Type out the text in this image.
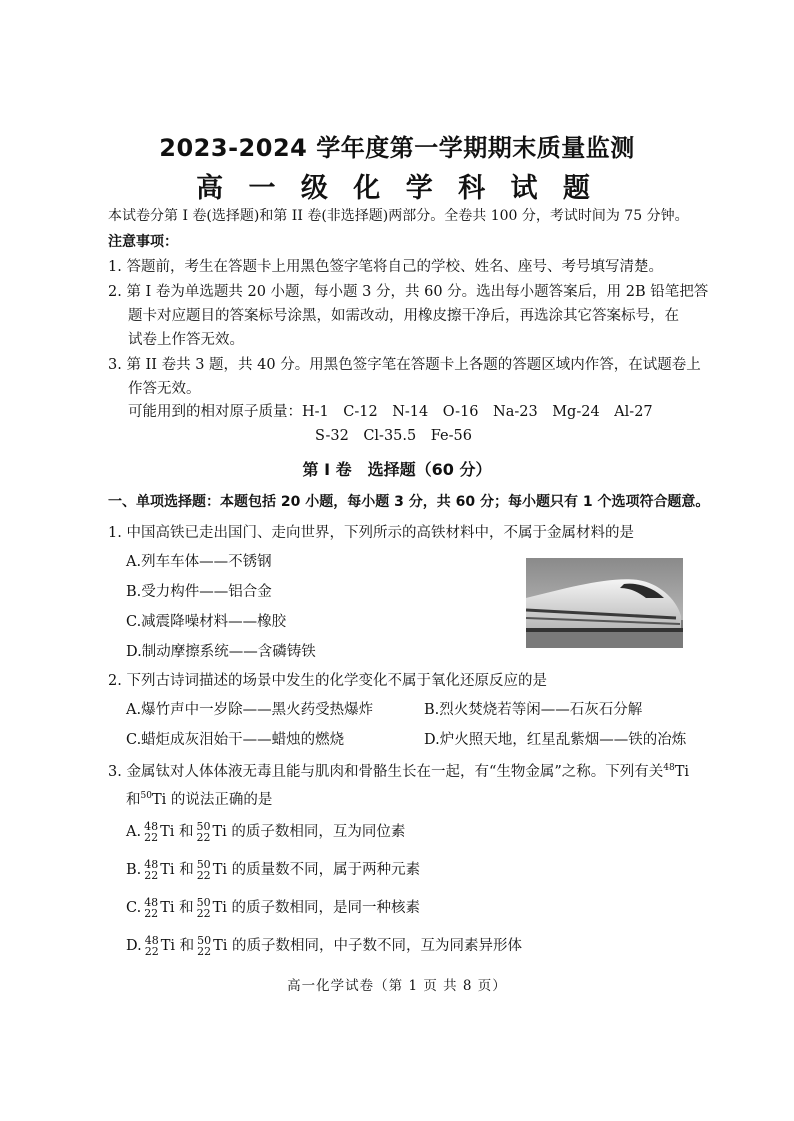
2023-2024 学年度第一学期期末质量监测
高 一 级 化 学 科 试 题
本试卷分第 I 卷(选择题)和第 II 卷(非选择题)两部分。全卷共 100 分，考试时间为 75 分钟。
注意事项：
1. 答题前，考生在答题卡上用黑色签字笔将自己的学校、姓名、座号、考号填写清楚。
2. 第 I 卷为单选题共 20 小题，每小题 3 分，共 60 分。选出每小题答案后，用 2B 铅笔把答
题卡对应题目的答案标号涂黑，如需改动，用橡皮擦干净后，再选涂其它答案标号，在
试卷上作答无效。
3. 第 II 卷共 3 题，共 40 分。用黑色签字笔在答题卡上各题的答题区域内作答，在试题卷上
作答无效。
可能用到的相对原子质量：H-1　C-12　N-14　O-16　Na-23　Mg-24　Al-27
S-32　Cl-35.5　Fe-56
第 I 卷　选择题（60 分）
一、单项选择题：本题包括 20 小题，每小题 3 分，共 60 分；每小题只有 1 个选项符合题意。
1. 中国高铁已走出国门、走向世界，下列所示的高铁材料中，不属于金属材料的是
A.列车车体——不锈钢
B.受力构件——铝合金
C.减震降噪材料——橡胶
D.制动摩擦系统——含磷铸铁
2. 下列古诗词描述的场景中发生的化学变化不属于氧化还原反应的是
A.爆竹声中一岁除——黑火药受热爆炸	B.烈火焚烧若等闲——石灰石分解
C.蜡炬成灰泪始干——蜡烛的燃烧	D.炉火照天地，红星乱紫烟——铁的冶炼
3. 金属钛对人体体液无毒且能与肌肉和骨骼生长在一起，有“生物金属”之称。下列有关$^{48}$Ti
和$^{50}$Ti 的说法正确的是
A. 48
22 Ti 和 50
22 Ti 的质子数相同，互为同位素
B. 48
22 Ti 和 50
22 Ti 的质量数不同，属于两种元素
C. 48
22 Ti 和 50
22 Ti 的质子数相同，是同一种核素
D. 48
22 Ti 和 50
22 Ti 的质子数相同，中子数不同，互为同素异形体
高一化学试卷（第 1 页 共 8 页）
